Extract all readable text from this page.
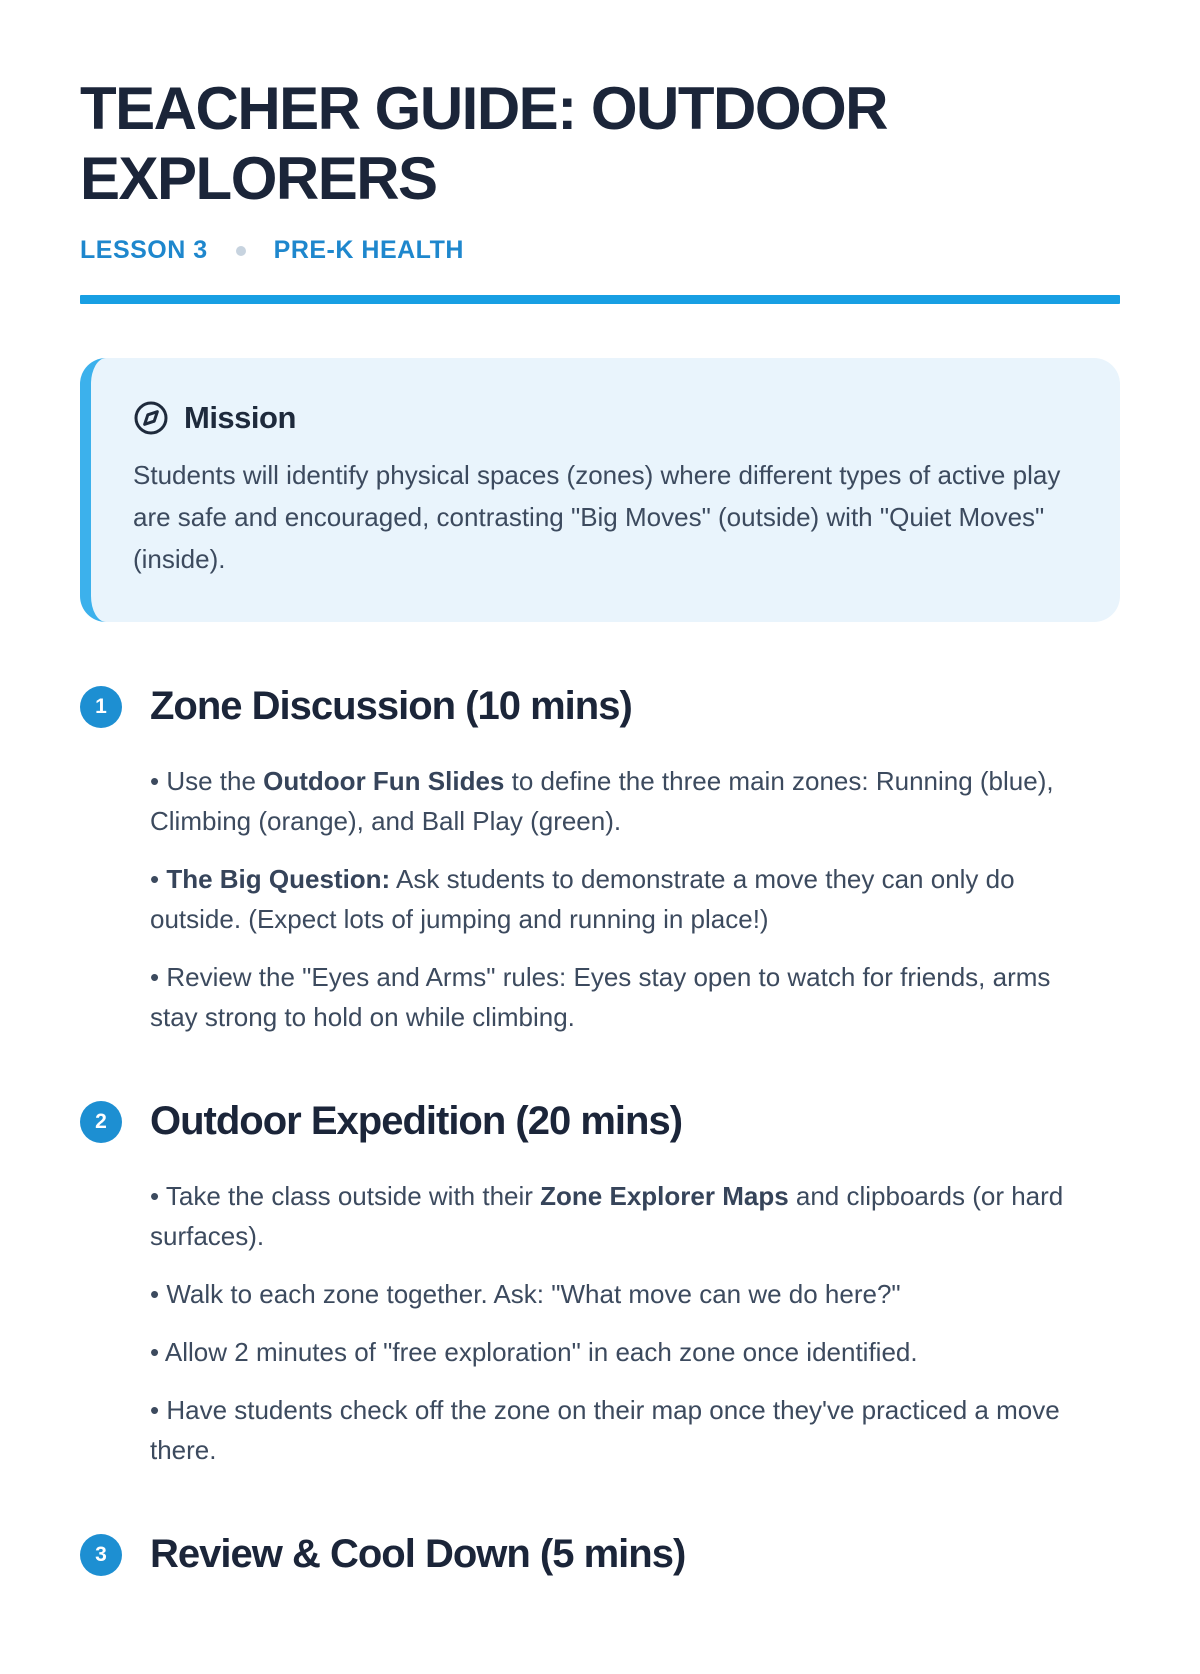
TEACHER GUIDE: OUTDOOR EXPLORERS
LESSON 3	PRE-K HEALTH
Mission
Students will identify physical spaces (zones) where different types of active play are safe and encouraged, contrasting "Big Moves" (outside) with "Quiet Moves" (inside).
1	Zone Discussion (10 mins)

• Use the Outdoor Fun Slides to define the three main zones: Running (blue), Climbing (orange), and Ball Play (green).

• The Big Question: Ask students to demonstrate a move they can only do outside. (Expect lots of jumping and running in place!)

• Review the "Eyes and Arms" rules: Eyes stay open to watch for friends, arms stay strong to hold on while climbing.

2	Outdoor Expedition (20 mins)

• Take the class outside with their Zone Explorer Maps and clipboards (or hard surfaces).

• Walk to each zone together. Ask: "What move can we do here?"

• Allow 2 minutes of "free exploration" in each zone once identified.

• Have students check off the zone on their map once they've practiced a move there.

3	Review & Cool Down (5 mins)
